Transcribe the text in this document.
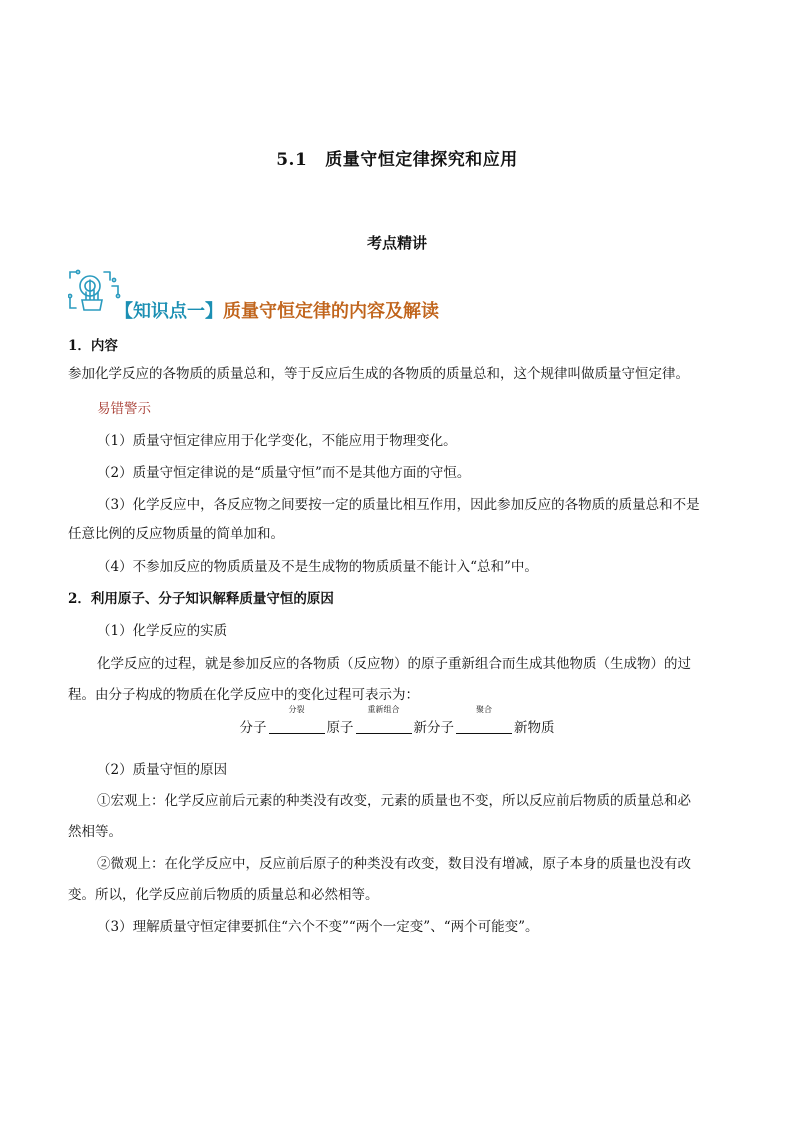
5.1 质量守恒定律探究和应用
考点精讲
【知识点一】质量守恒定律的内容及解读
1．内容
参加化学反应的各物质的质量总和，等于反应后生成的各物质的质量总和，这个规律叫做质量守恒定律。
易错警示
（1）质量守恒定律应用于化学变化，不能应用于物理变化。
（2）质量守恒定律说的是“质量守恒”而不是其他方面的守恒。
（3）化学反应中，各反应物之间要按一定的质量比相互作用，因此参加反应的各物质的质量总和不是
任意比例的反应物质量的简单加和。
（4）不参加反应的物质质量及不是生成物的物质质量不能计入“总和”中。
2．利用原子、分子知识解释质量守恒的原因
（1）化学反应的实质
化学反应的过程，就是参加反应的各物质（反应物）的原子重新组合而生成其他物质（生成物）的过
程。由分子构成的物质在化学反应中的变化过程可表示为：
分子
分裂
原子
重新组合
新分子
聚合
新物质
（2）质量守恒的原因
①宏观上：化学反应前后元素的种类没有改变，元素的质量也不变，所以反应前后物质的质量总和必
然相等。
②微观上：在化学反应中，反应前后原子的种类没有改变，数目没有增减，原子本身的质量也没有改
变。所以，化学反应前后物质的质量总和必然相等。
（3）理解质量守恒定律要抓住“六个不变”“两个一定变”、“两个可能变”。
